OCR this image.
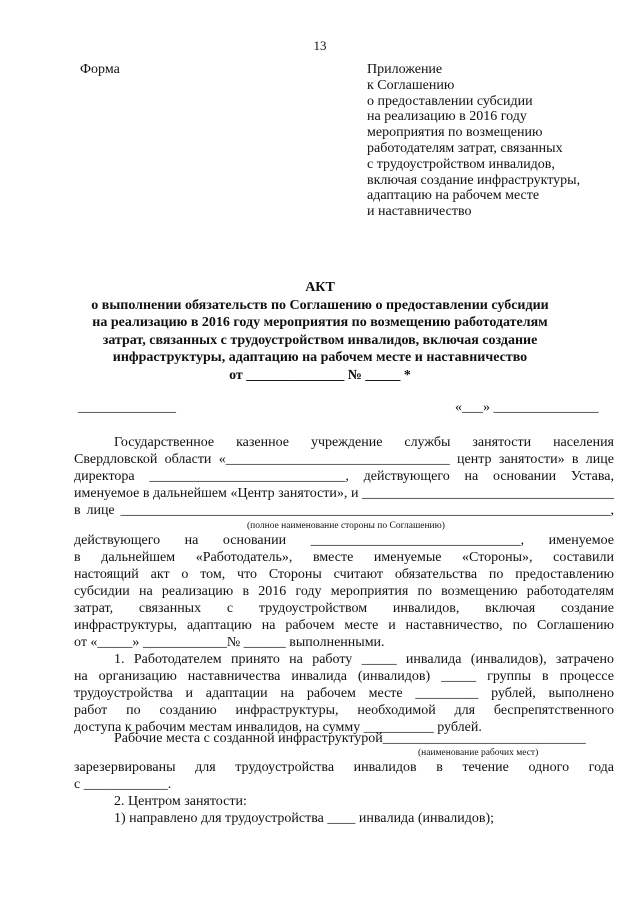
13
Форма	Приложение
к Соглашению
о предоставлении субсидии
на реализацию в 2016 году
мероприятия по возмещению
работодателям затрат, связанных
с трудоустройством инвалидов,
включая создание инфраструктуры,
адаптацию на рабочем месте
и наставничество
АКТ
о выполнении обязательств по Соглашению о предоставлении субсидии
на реализацию в 2016 году мероприятия по возмещению работодателям
затрат, связанных с трудоустройством инвалидов, включая создание
инфраструктуры, адаптацию на рабочем месте и наставничество
от ______________ № _____ *
______________	«___» _______________
Государственное казенное учреждение службы занятости населения
Свердловской области «________________________________ центр занятости» в лице
директора ____________________________, действующего на основании Устава,
именуемое в дальнейшем «Центр занятости», и ____________________________________
в лице ______________________________________________________________________,
(полное наименование стороны по Соглашению)
действующего на основании ______________________________, именуемое
в дальнейшем «Работодатель», вместе именуемые «Стороны», составили
настоящий акт о том, что Стороны считают обязательства по предоставлению
субсидии на реализацию в 2016 году мероприятия по возмещению работодателям
затрат, связанных с трудоустройством инвалидов, включая создание
инфраструктуры, адаптацию на рабочем месте и наставничество, по Соглашению
от «_____» ____________№ ______ выполненными.
1. Работодателем принято на работу _____ инвалида (инвалидов), затрачено
на организацию наставничества инвалида (инвалидов) _____ группы в процессе
трудоустройства и адаптации на рабочем месте _________ рублей, выполнено
работ по созданию инфраструктуры, необходимой для беспрепятственного
доступа к рабочим местам инвалидов, на сумму __________ рублей.
Рабочие места с созданной инфраструктурой_____________________________
(наименование рабочих мест)
зарезервированы для трудоустройства инвалидов в течение одного года
с ____________.
2. Центром занятости:
1) направлено для трудоустройства ____ инвалида (инвалидов);
